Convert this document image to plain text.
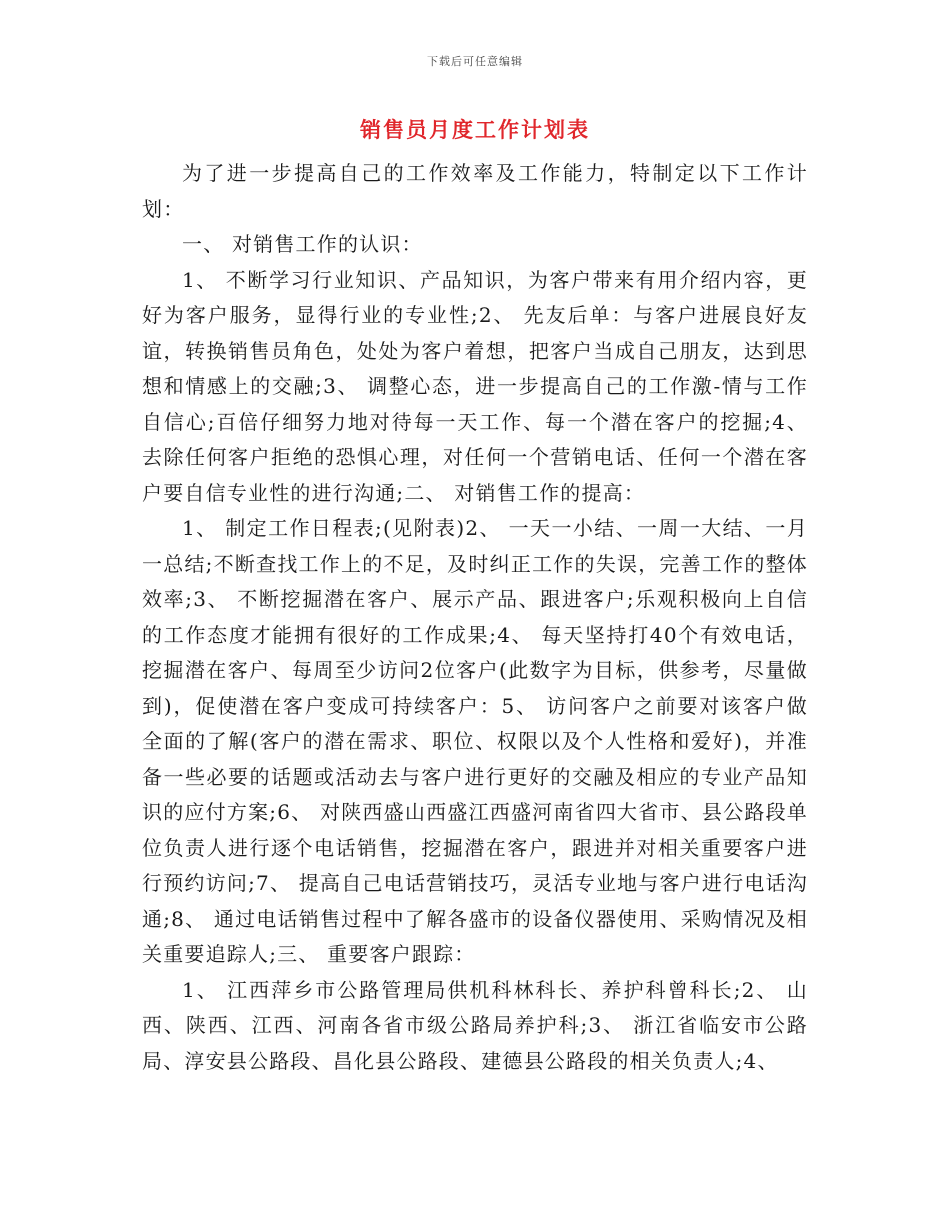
下载后可任意编辑
销售员月度工作计划表

为了进一步提高自己的工作效率及工作能力，特制定以下工作计划：

一、 对销售工作的认识：

1、 不断学习行业知识、产品知识，为客户带来有用介绍内容，更好为客户服务，显得行业的专业性;2、 先友后单：与客户进展良好友谊，转换销售员角色，处处为客户着想，把客户当成自己朋友，达到思想和情感上的交融;3、 调整心态，进一步提高自己的工作激-情与工作自信心;百倍仔细努力地对待每一天工作、每一个潜在客户的挖掘;4、 去除任何客户拒绝的恐惧心理，对任何一个营销电话、任何一个潜在客户要自信专业性的进行沟通;二、 对销售工作的提高：

1、 制定工作日程表;(见附表)2、 一天一小结、一周一大结、一月一总结;不断查找工作上的不足，及时纠正工作的失误，完善工作的整体效率;3、 不断挖掘潜在客户、展示产品、跟进客户;乐观积极向上自信的工作态度才能拥有很好的工作成果;4、 每天坚持打40个有效电话，挖掘潜在客户、每周至少访问2位客户(此数字为目标，供参考，尽量做到)，促使潜在客户变成可持续客户：5、 访问客户之前要对该客户做全面的了解(客户的潜在需求、职位、权限以及个人性格和爱好)，并准备一些必要的话题或活动去与客户进行更好的交融及相应的专业产品知识的应付方案;6、 对陕西盛山西盛江西盛河南省四大省市、县公路段单位负责人进行逐个电话销售，挖掘潜在客户，跟进并对相关重要客户进行预约访问;7、 提高自己电话营销技巧，灵活专业地与客户进行电话沟通;8、 通过电话销售过程中了解各盛市的设备仪器使用、采购情况及相关重要追踪人;三、 重要客户跟踪：

1、 江西萍乡市公路管理局供机科林科长、养护科曾科长;2、 山西、陕西、江西、河南各省市级公路局养护科;3、 浙江省临安市公路局、淳安县公路段、昌化县公路段、建德县公路段的相关负责人;4、
